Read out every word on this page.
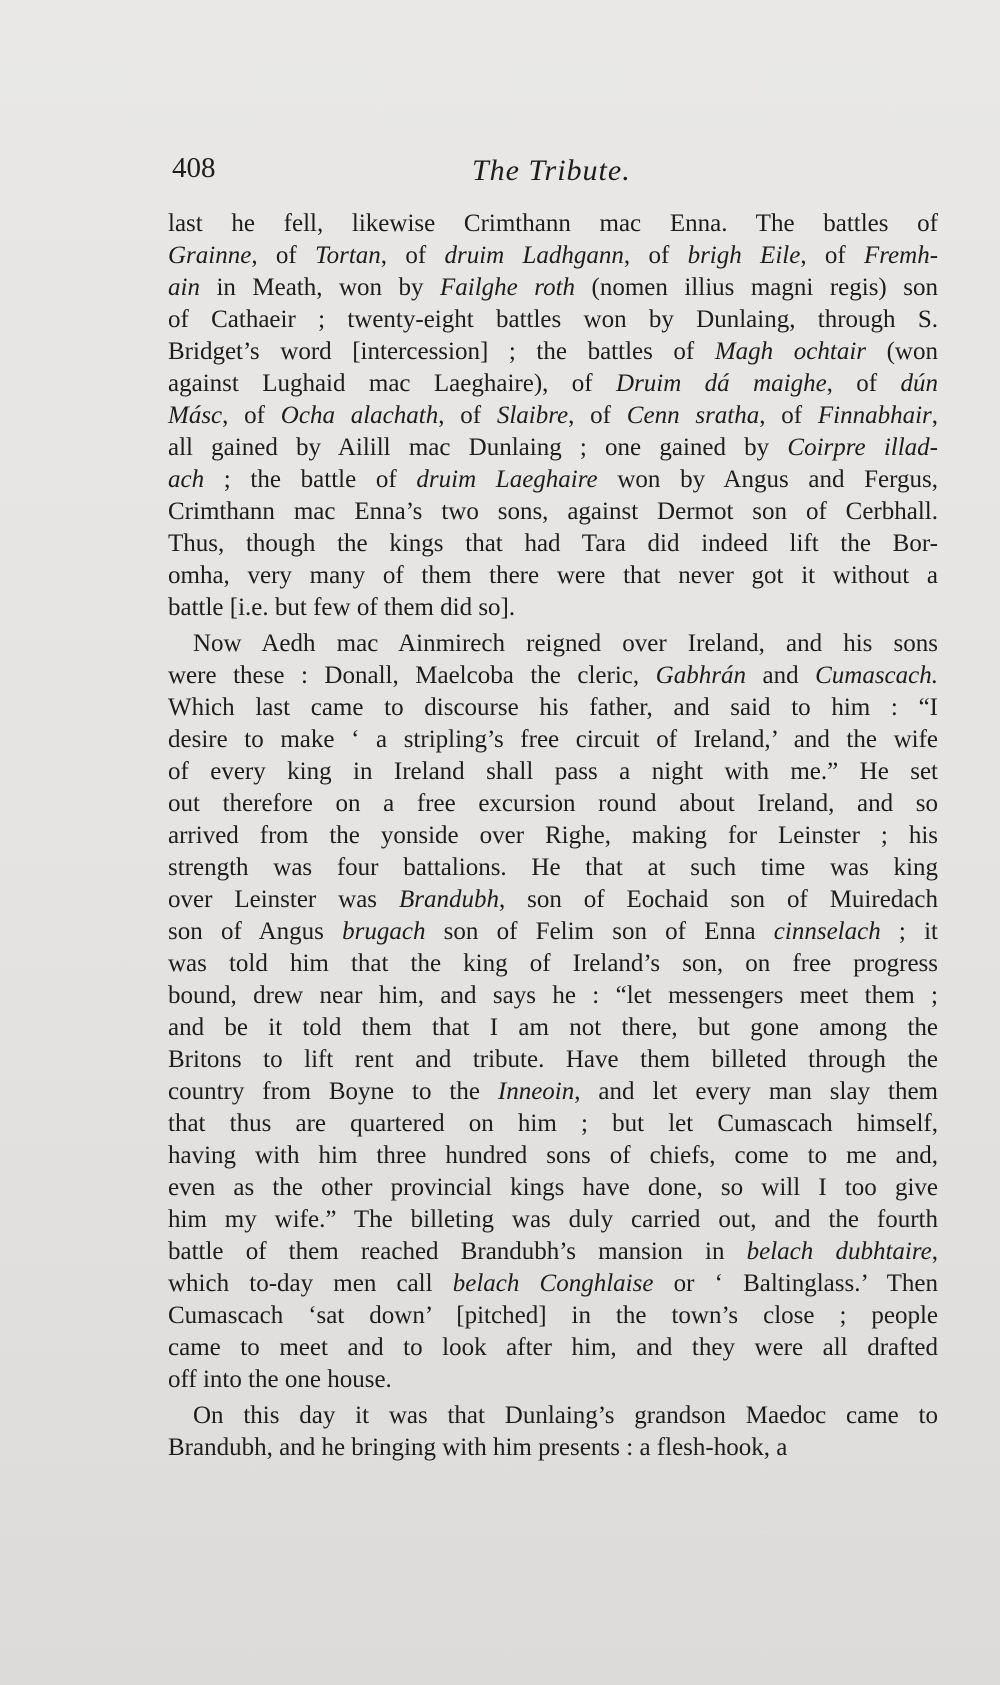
408	The Tribute.
last he fell, likewise Crimthann mac Enna. The battles of
Grainne, of Tortan, of druim Ladhgann, of brigh Eile, of Fremh-
ain in Meath, won by Failghe roth (nomen illius magni regis) son
of Cathaeir ; twenty-eight battles won by Dunlaing, through S.
Bridget’s word [intercession] ; the battles of Magh ochtair (won
against Lughaid mac Laeghaire), of Druim dá maighe, of dún
Másc, of Ocha alachath, of Slaibre, of Cenn sratha, of Finnabhair,
all gained by Ailill mac Dunlaing ; one gained by Coirpre illad-
ach ; the battle of druim Laeghaire won by Angus and Fergus,
Crimthann mac Enna’s two sons, against Dermot son of Cerbhall.
Thus, though the kings that had Tara did indeed lift the Bor-
omha, very many of them there were that never got it without a
battle [i.e. but few of them did so].
 Now Aedh mac Ainmirech reigned over Ireland, and his sons
were these : Donall, Maelcoba the cleric, Gabhrán and Cumascach.
Which last came to discourse his father, and said to him : “I
desire to make ‘ a stripling’s free circuit of Ireland,’ and the wife
of every king in Ireland shall pass a night with me.” He set
out therefore on a free excursion round about Ireland, and so
arrived from the yonside over Righe, making for Leinster ; his
strength was four battalions. He that at such time was king
over Leinster was Brandubh, son of Eochaid son of Muiredach
son of Angus brugach son of Felim son of Enna cinnselach ; it
was told him that the king of Ireland’s son, on free progress
bound, drew near him, and says he : “let messengers meet them ;
and be it told them that I am not there, but gone among the
Britons to lift rent and tribute. Have them billeted through the
country from Boyne to the Inneoin, and let every man slay them
that thus are quartered on him ; but let Cumascach himself,
having with him three hundred sons of chiefs, come to me and,
even as the other provincial kings have done, so will I too give
him my wife.” The billeting was duly carried out, and the fourth
battle of them reached Brandubh’s mansion in belach dubhtaire,
which to-day men call belach Conghlaise or ‘ Baltinglass.’ Then
Cumascach ‘sat down’ [pitched] in the town’s close ; people
came to meet and to look after him, and they were all drafted
off into the one house.
 On this day it was that Dunlaing’s grandson Maedoc came to
Brandubh, and he bringing with him presents : a flesh-hook, a
